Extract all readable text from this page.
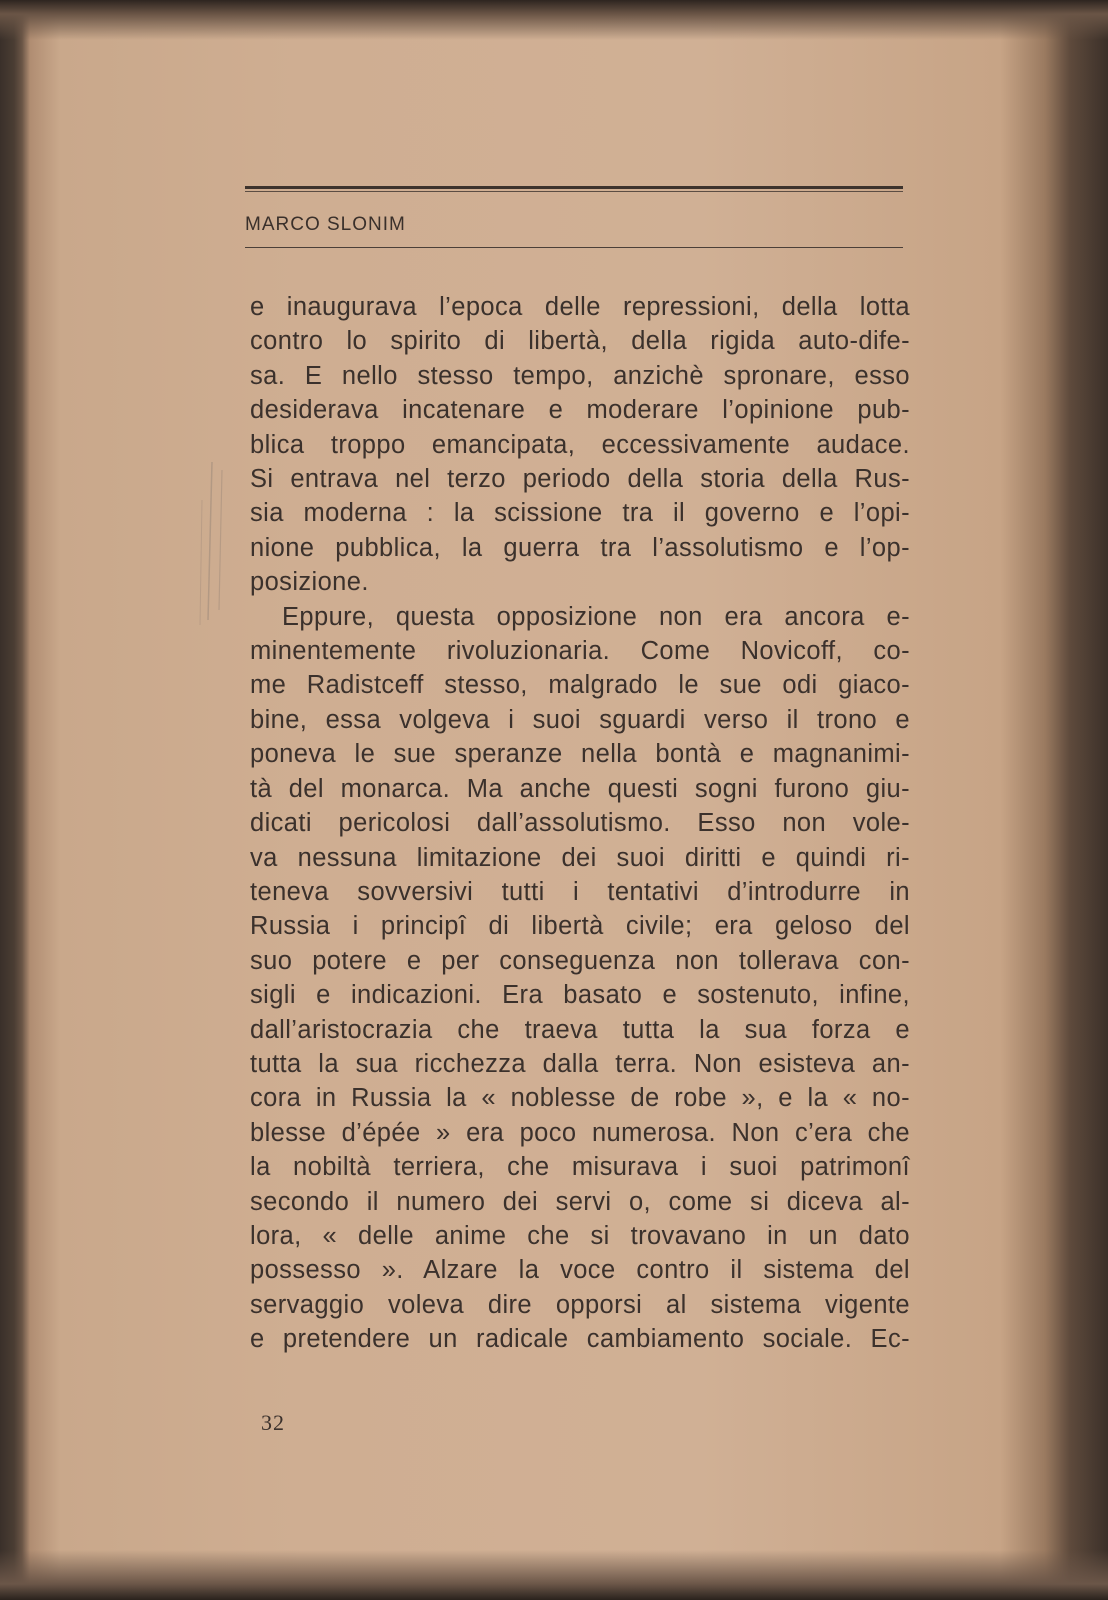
MARCO SLONIM
e inaugurava l’epoca delle repressioni, della lotta
contro lo spirito di libertà, della rigida auto-dife-
sa. E nello stesso tempo, anzichè spronare, esso
desiderava incatenare e moderare l’opinione pub-
blica troppo emancipata, eccessivamente audace.
Si entrava nel terzo periodo della storia della Rus-
sia moderna : la scissione tra il governo e l’opi-
nione pubblica, la guerra tra l’assolutismo e l’op-
posizione.
Eppure, questa opposizione non era ancora e-
minentemente rivoluzionaria. Come Novicoff, co-
me Radistceff stesso, malgrado le sue odi giaco-
bine, essa volgeva i suoi sguardi verso il trono e
poneva le sue speranze nella bontà e magnanimi-
tà del monarca. Ma anche questi sogni furono giu-
dicati pericolosi dall’assolutismo. Esso non vole-
va nessuna limitazione dei suoi diritti e quindi ri-
teneva sovversivi tutti i tentativi d’introdurre in
Russia i principî di libertà civile; era geloso del
suo potere e per conseguenza non tollerava con-
sigli e indicazioni. Era basato e sostenuto, infine,
dall’aristocrazia che traeva tutta la sua forza e
tutta la sua ricchezza dalla terra. Non esisteva an-
cora in Russia la « noblesse de robe », e la « no-
blesse d’épée » era poco numerosa. Non c’era che
la nobiltà terriera, che misurava i suoi patrimonî
secondo il numero dei servi o, come si diceva al-
lora, « delle anime che si trovavano in un dato
possesso ». Alzare la voce contro il sistema del
servaggio voleva dire opporsi al sistema vigente
e pretendere un radicale cambiamento sociale. Ec-
32
